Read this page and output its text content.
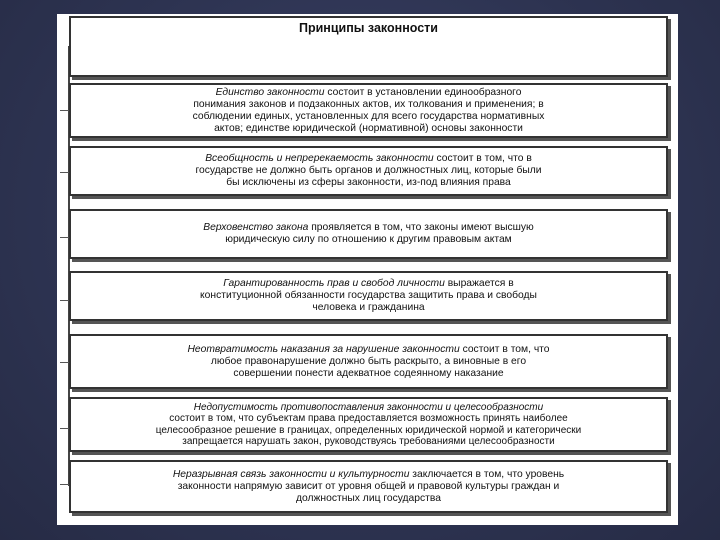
Принципы законности

Единство законности состоит в установлении единообразного
понимания законов и подзаконных актов, их толкования и применения; в
соблюдении единых, установленных для всего государства нормативных
актов; единстве юридической (нормативной) основы законности

Всеобщность и непререкаемость законности состоит в том, что в
государстве не должно быть органов и должностных лиц, которые были
бы исключены из сферы законности, из-под влияния права

Верховенство закона проявляется в том, что законы имеют высшую
юридическую силу по отношению к другим правовым актам

Гарантированность прав и свобод личности выражается в
конституционной обязанности государства защитить права и свободы
человека и гражданина

Неотвратимость наказания за нарушение законности состоит в том, что
любое правонарушение должно быть раскрыто, а виновные в его
совершении понести адекватное содеянному наказание

Недопустимость противопоставления законности и целесообразности
состоит в том, что субъектам права предоставляется возможность принять наиболее
целесообразное решение в границах, определенных юридической нормой и категорически
запрещается нарушать закон, руководствуясь требованиями целесообразности

Неразрывная связь законности и культурности заключается в том, что уровень
законности напрямую зависит от уровня общей и правовой культуры граждан и
должностных лиц государства
